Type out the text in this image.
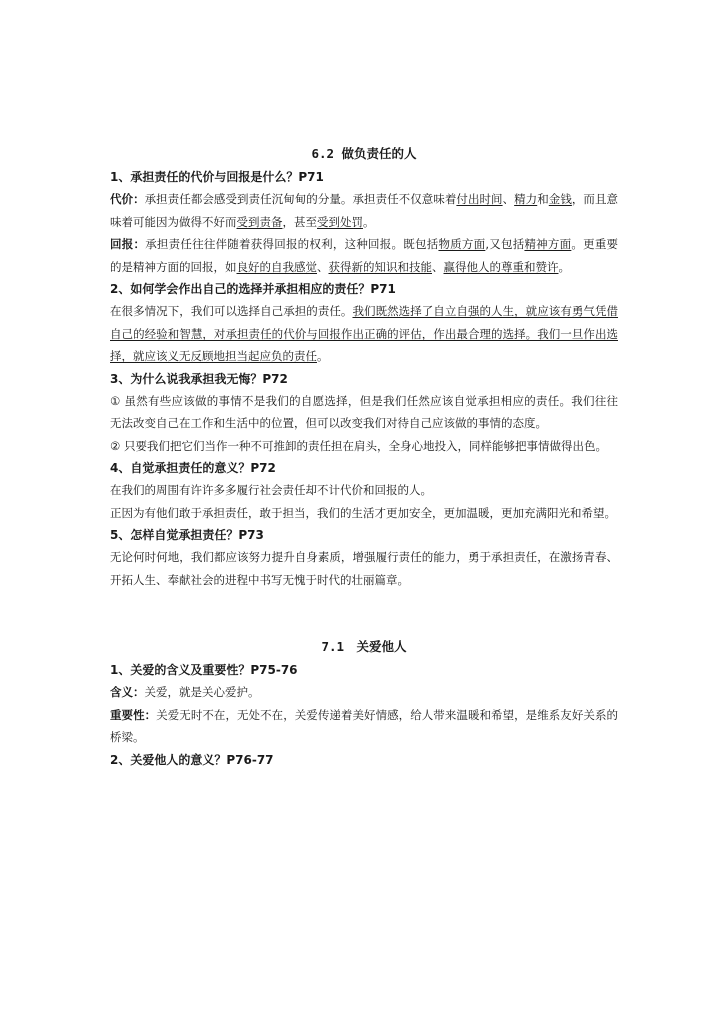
6.2 做负责任的人
1、承担责任的代价与回报是什么？P71
代价：承担责任都会感受到责任沉甸甸的分量。承担责任不仅意味着付出时间、精力和金钱，而且意味着可能因为做得不好而受到责备，甚至受到处罚。
回报：承担责任往往伴随着获得回报的权利，这种回报。既包括物质方面,又包括精神方面。更重要的是精神方面的回报，如良好的自我感觉、获得新的知识和技能、赢得他人的尊重和赞许。
2、如何学会作出自己的选择并承担相应的责任？P71
在很多情况下，我们可以选择自己承担的责任。我们既然选择了自立自强的人生，就应该有勇气凭借自己的经验和智慧，对承担责任的代价与回报作出正确的评估，作出最合理的选择。我们一旦作出选择，就应该义无反顾地担当起应负的责任。
3、为什么说我承担我无悔？P72
① 虽然有些应该做的事情不是我们的自愿选择，但是我们任然应该自觉承担相应的责任。我们往往无法改变自己在工作和生活中的位置，但可以改变我们对待自己应该做的事情的态度。
② 只要我们把它们当作一种不可推卸的责任担在肩头，全身心地投入，同样能够把事情做得出色。
4、自觉承担责任的意义？P72
在我们的周围有许许多多履行社会责任却不计代价和回报的人。
正因为有他们敢于承担责任，敢于担当，我们的生活才更加安全，更加温暖，更加充满阳光和希望。
5、怎样自觉承担责任？P73
无论何时何地，我们都应该努力提升自身素质，增强履行责任的能力，勇于承担责任，在激扬青春、开拓人生、奉献社会的进程中书写无愧于时代的壮丽篇章。
7.1　关爱他人
1、关爱的含义及重要性？P75-76
含义：关爱，就是关心爱护。
重要性：关爱无时不在，无处不在，关爱传递着美好情感，给人带来温暖和希望，是维系友好关系的桥梁。
2、关爱他人的意义？P76-77
